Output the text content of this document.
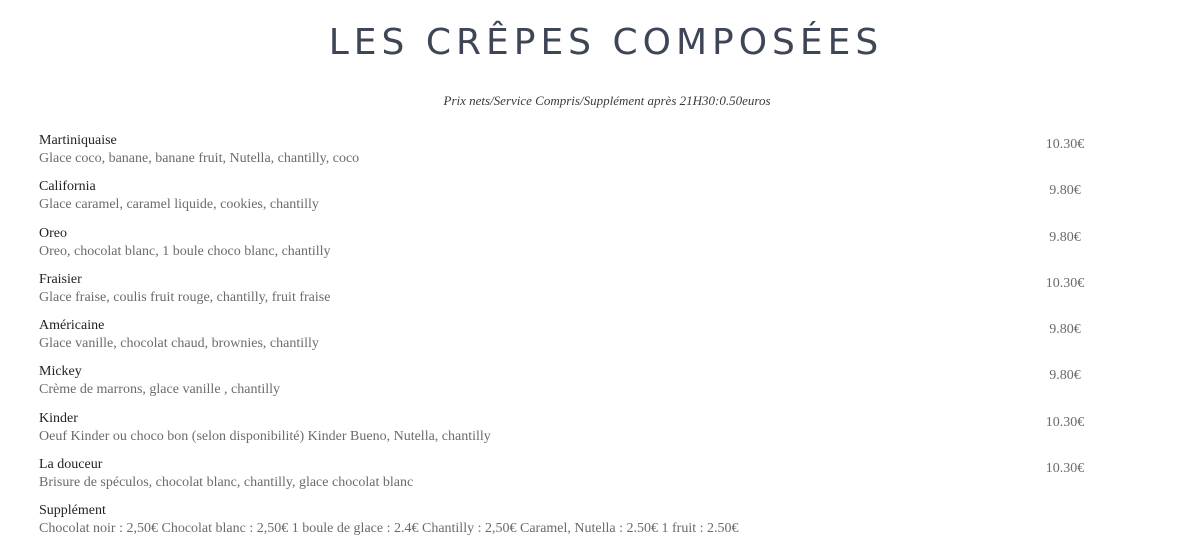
LES CRÊPES COMPOSÉES
Prix nets/Service Compris/Supplément après 21H30:0.50euros
Martiniquaise
Glace coco, banane, banane fruit, Nutella, chantilly, coco
10.30€
California
Glace caramel, caramel liquide, cookies, chantilly
9.80€
Oreo
Oreo, chocolat blanc, 1 boule choco blanc, chantilly
9.80€
Fraisier
Glace fraise, coulis fruit rouge, chantilly, fruit fraise
10.30€
Américaine
Glace vanille, chocolat chaud, brownies, chantilly
9.80€
Mickey
Crème de marrons, glace vanille , chantilly
9.80€
Kinder
Oeuf Kinder ou choco bon (selon disponibilité) Kinder Bueno, Nutella, chantilly
10.30€
La douceur
Brisure de spéculos, chocolat blanc, chantilly, glace chocolat blanc
10.30€
Supplément
Chocolat noir : 2,50€ Chocolat blanc : 2,50€ 1 boule de glace : 2.4€ Chantilly : 2,50€ Caramel, Nutella : 2.50€ 1 fruit : 2.50€
